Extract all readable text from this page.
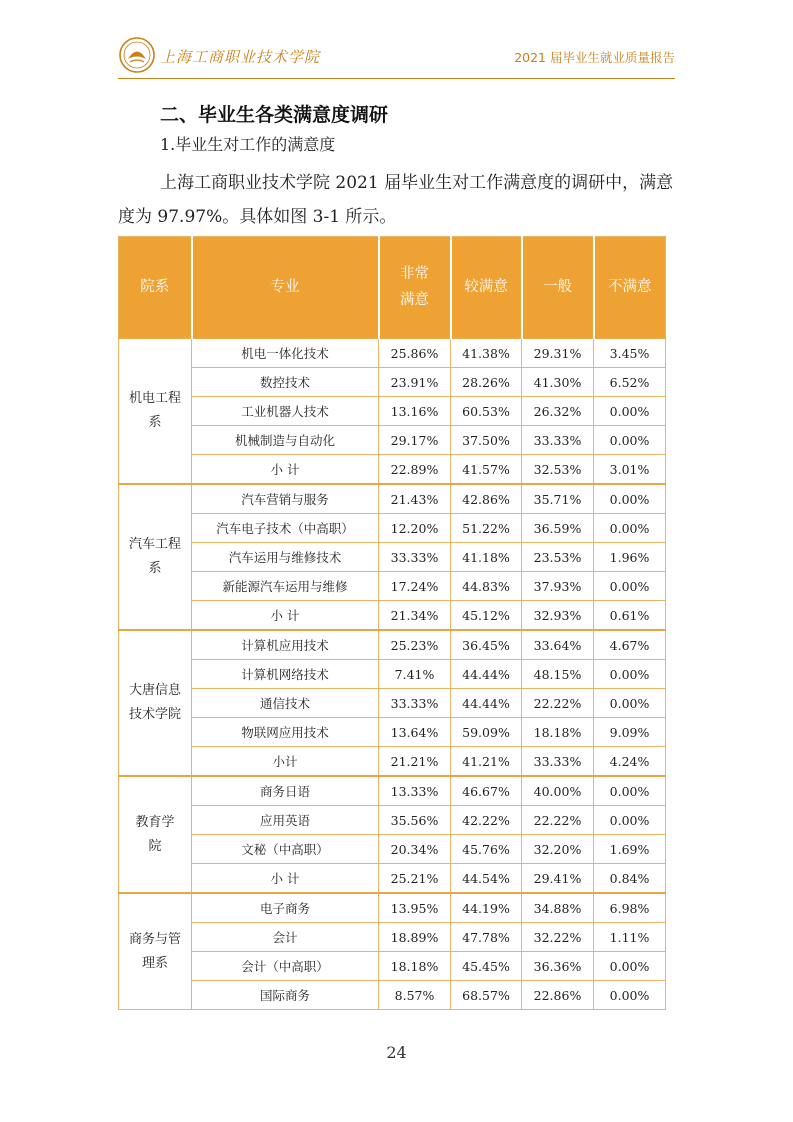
上海工商职业技术学院	2021 届毕业生就业质量报告
二、毕业生各类满意度调研
1.毕业生对工作的满意度

上海工商职业技术学院 2021 届毕业生对工作满意度的调研中，满意度为 97.97%。具体如图 3-1 所示。

院系	专业	非常
满意	较满意	一般	不满意

机电工程
系	机电一体化技术	25.86%	41.38%	29.31%	3.45%
	数控技术	23.91%	28.26%	41.30%	6.52%
	工业机器人技术	13.16%	60.53%	26.32%	0.00%
	机械制造与自动化	29.17%	37.50%	33.33%	0.00%
	小 计	22.89%	41.57%	32.53%	3.01%

汽车工程
系	汽车营销与服务	21.43%	42.86%	35.71%	0.00%
	汽车电子技术（中高职）	12.20%	51.22%	36.59%	0.00%
	汽车运用与维修技术	33.33%	41.18%	23.53%	1.96%
	新能源汽车运用与维修	17.24%	44.83%	37.93%	0.00%
	小 计	21.34%	45.12%	32.93%	0.61%

大唐信息
技术学院	计算机应用技术	25.23%	36.45%	33.64%	4.67%
	计算机网络技术	7.41%	44.44%	48.15%	0.00%
	通信技术	33.33%	44.44%	22.22%	0.00%
	物联网应用技术	13.64%	59.09%	18.18%	9.09%
	小计	21.21%	41.21%	33.33%	4.24%

教育学
院	商务日语	13.33%	46.67%	40.00%	0.00%
	应用英语	35.56%	42.22%	22.22%	0.00%
	文秘（中高职）	20.34%	45.76%	32.20%	1.69%
	小 计	25.21%	44.54%	29.41%	0.84%

商务与管
理系	电子商务	13.95%	44.19%	34.88%	6.98%
	会计	18.89%	47.78%	32.22%	1.11%
	会计（中高职）	18.18%	45.45%	36.36%	0.00%
	国际商务	8.57%	68.57%	22.86%	0.00%
24
